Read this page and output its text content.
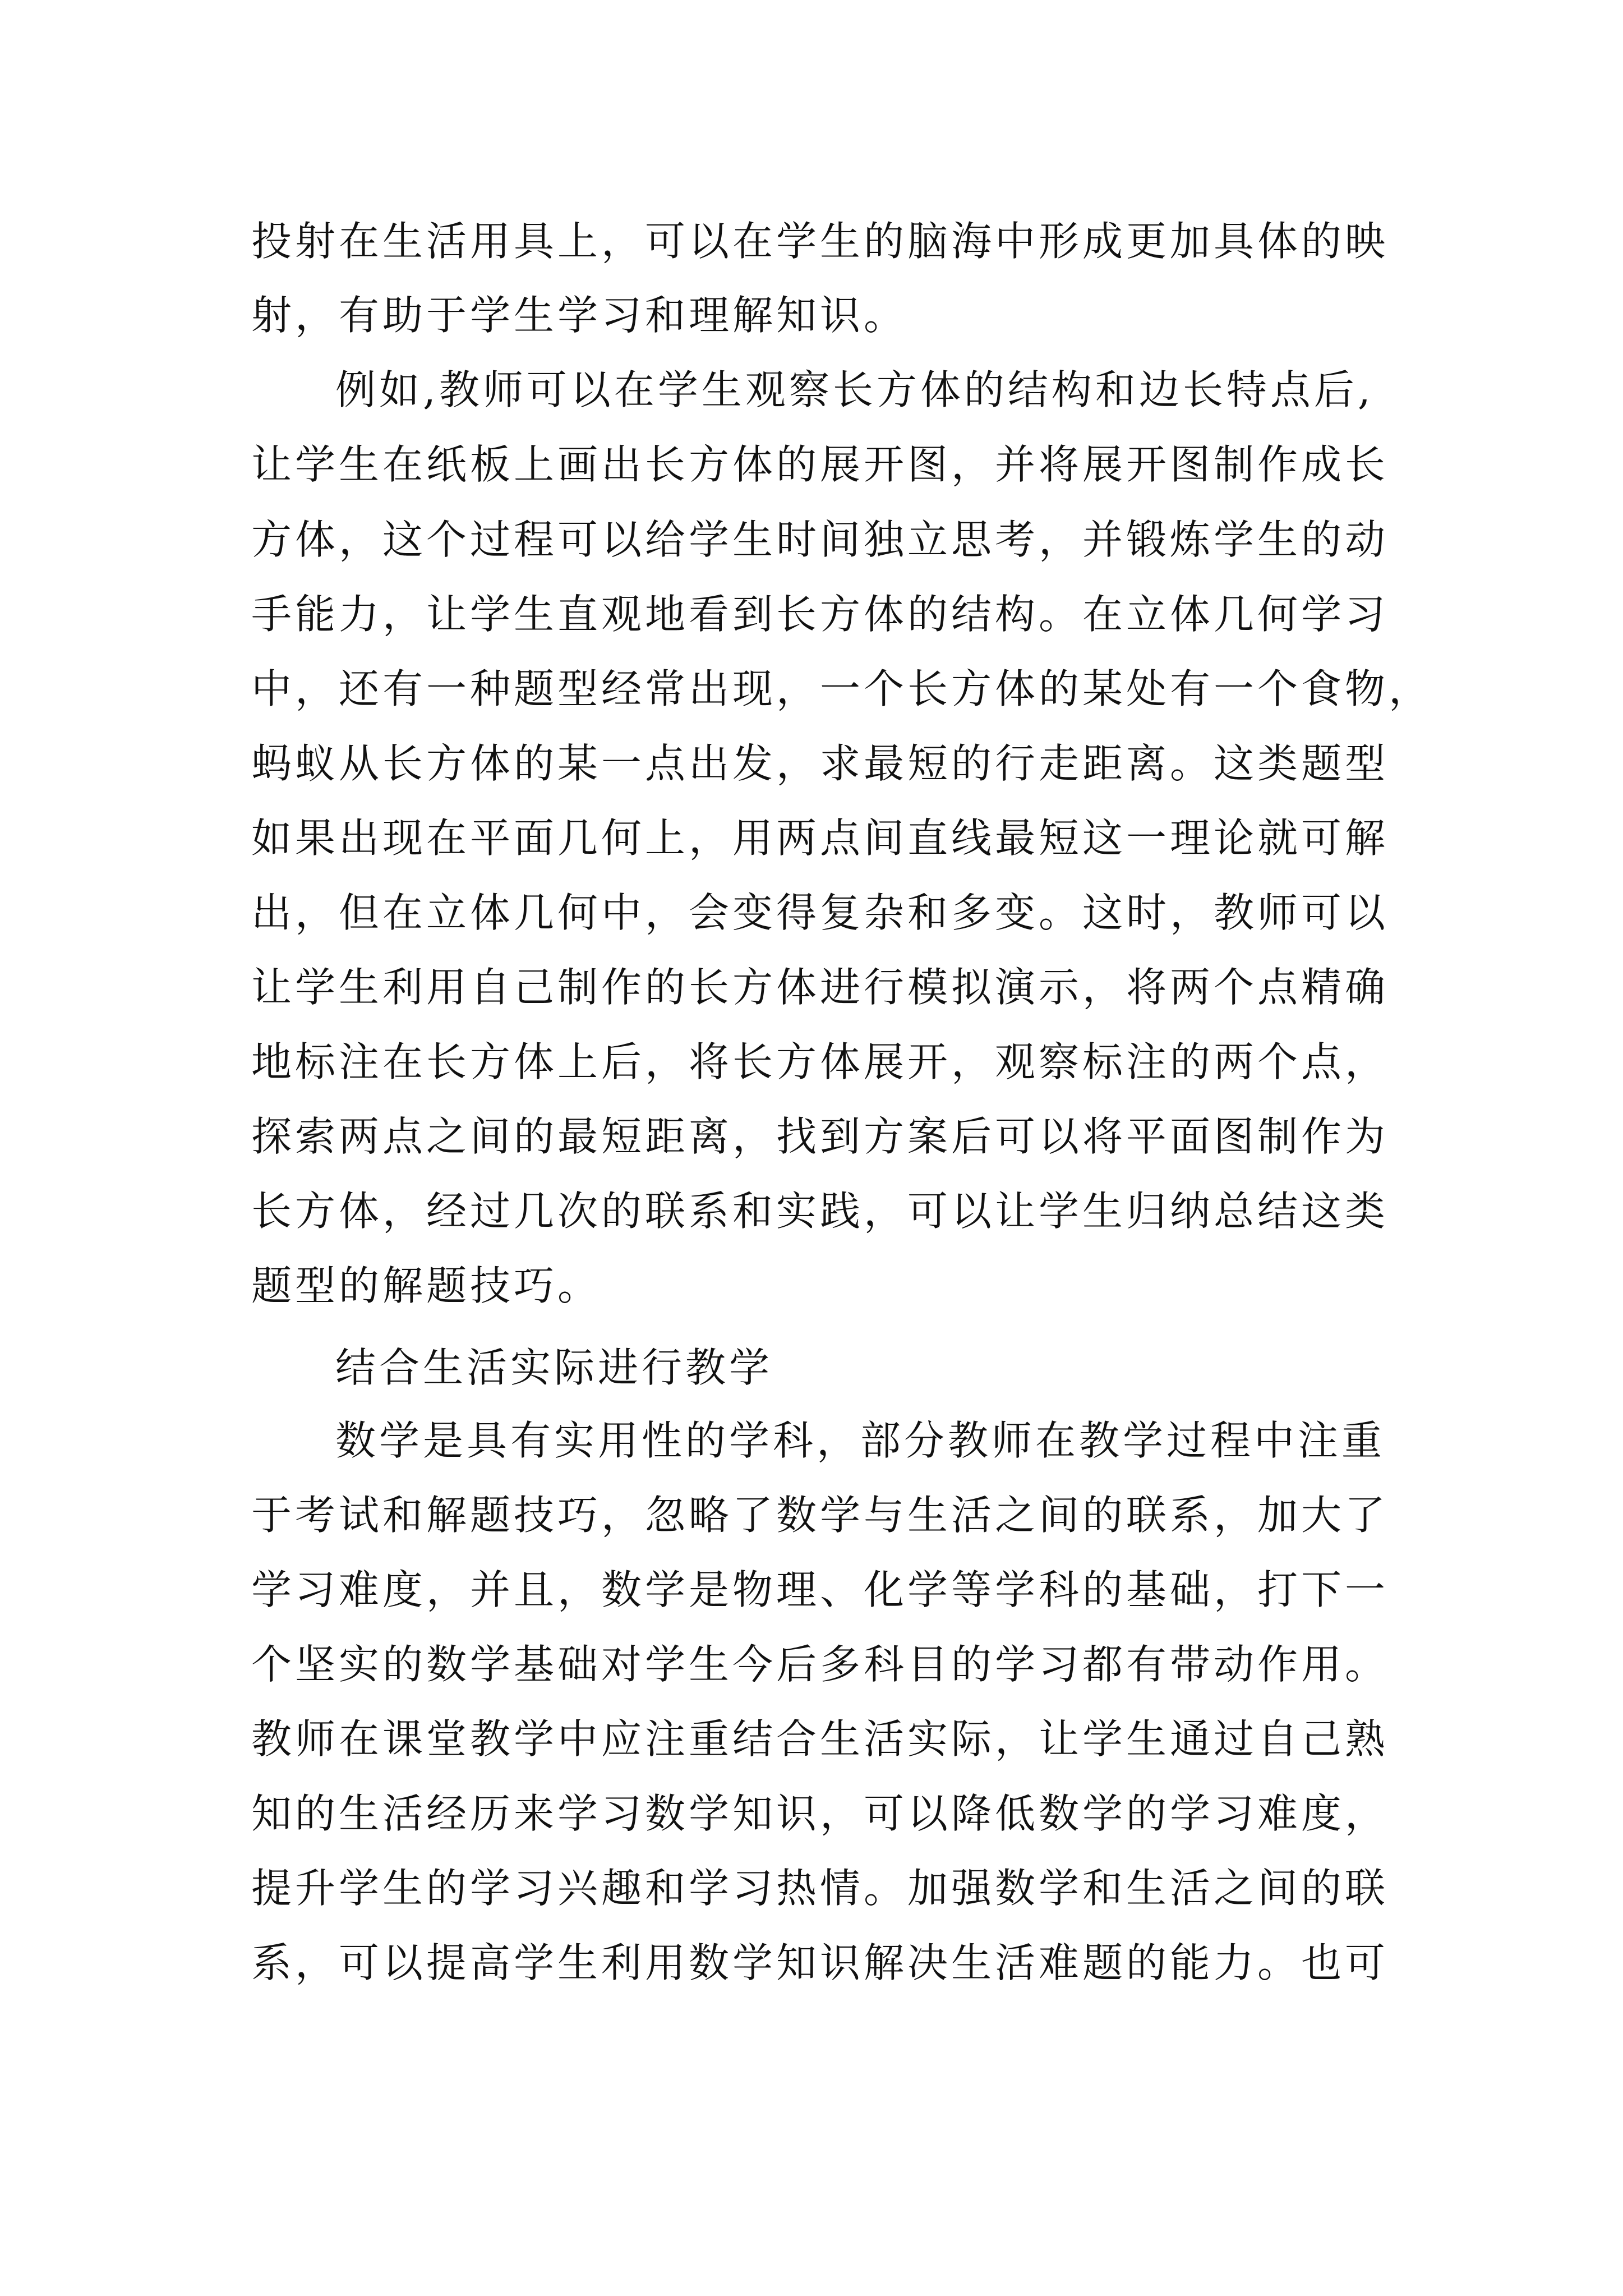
投射在生活用具上，可以在学生的脑海中形成更加具体的映
射，有助于学生学习和理解知识。
例如,教师可以在学生观察长方体的结构和边长特点后,
让学生在纸板上画出长方体的展开图，并将展开图制作成长
方体，这个过程可以给学生时间独立思考，并锻炼学生的动
手能力，让学生直观地看到长方体的结构。在立体几何学习
中，还有一种题型经常出现，一个长方体的某处有一个食物，
蚂蚁从长方体的某一点出发，求最短的行走距离。这类题型
如果出现在平面几何上，用两点间直线最短这一理论就可解
出，但在立体几何中，会变得复杂和多变。这时，教师可以
让学生利用自己制作的长方体进行模拟演示，将两个点精确
地标注在长方体上后，将长方体展开，观察标注的两个点，
探索两点之间的最短距离，找到方案后可以将平面图制作为
长方体，经过几次的联系和实践，可以让学生归纳总结这类
题型的解题技巧。
结合生活实际进行教学
数学是具有实用性的学科，部分教师在教学过程中注重
于考试和解题技巧，忽略了数学与生活之间的联系，加大了
学习难度，并且，数学是物理、化学等学科的基础，打下一
个坚实的数学基础对学生今后多科目的学习都有带动作用。
教师在课堂教学中应注重结合生活实际，让学生通过自己熟
知的生活经历来学习数学知识，可以降低数学的学习难度，
提升学生的学习兴趣和学习热情。加强数学和生活之间的联
系，可以提高学生利用数学知识解决生活难题的能力。也可
